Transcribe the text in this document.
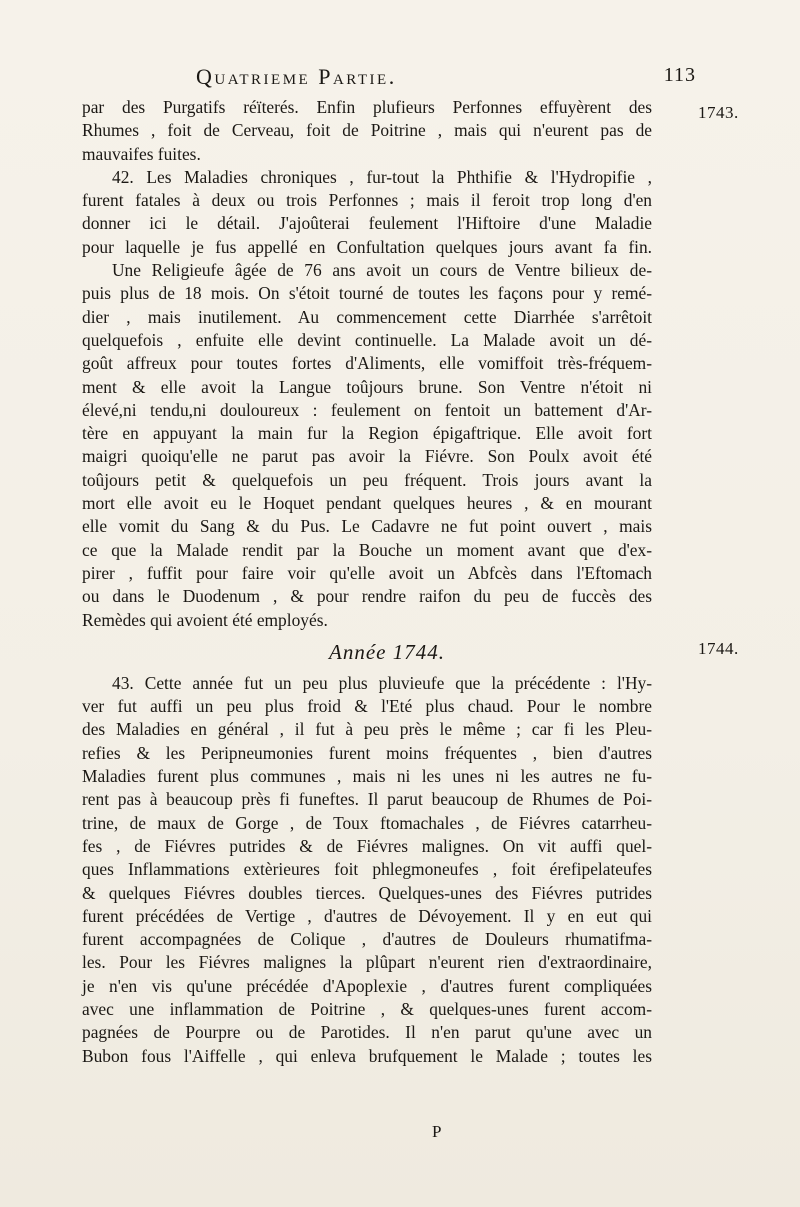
Quatrieme Partie.	113
1743.
1744.
par des Purgatifs réïterés. Enfin plufieurs Perfonnes effuyèrent des
Rhumes , foit de Cerveau, foit de Poitrine , mais qui n'eurent pas de
mauvaifes fuites.
42. Les Maladies chroniques , fur-tout la Phthifie & l'Hydropifie ,
furent fatales à deux ou trois Perfonnes ; mais il feroit trop long d'en
donner ici le détail. J'ajoûterai feulement l'Hiftoire d'une Maladie
pour laquelle je fus appellé en Confultation quelques jours avant fa fin.
Une Religieufe âgée de 76 ans avoit un cours de Ventre bilieux de-
puis plus de 18 mois. On s'étoit tourné de toutes les façons pour y remé-
dier , mais inutilement. Au commencement cette Diarrhée s'arrêtoit
quelquefois , enfuite elle devint continuelle. La Malade avoit un dé-
goût affreux pour toutes fortes d'Aliments, elle vomiffoit très-fréquem-
ment & elle avoit la Langue toûjours brune. Son Ventre n'étoit ni
élevé,ni tendu,ni douloureux : feulement on fentoit un battement d'Ar-
tère en appuyant la main fur la Region épigaftrique. Elle avoit fort
maigri quoiqu'elle ne parut pas avoir la Fiévre. Son Poulx avoit été
toûjours petit & quelquefois un peu fréquent. Trois jours avant la
mort elle avoit eu le Hoquet pendant quelques heures , & en mourant
elle vomit du Sang & du Pus. Le Cadavre ne fut point ouvert , mais
ce que la Malade rendit par la Bouche un moment avant que d'ex-
pirer , fuffit pour faire voir qu'elle avoit un Abfcès dans l'Eftomach
ou dans le Duodenum , & pour rendre raifon du peu de fuccès des
Remèdes qui avoient été employés.
Année 1744.
43. Cette année fut un peu plus pluvieufe que la précédente : l'Hy-
ver fut auffi un peu plus froid & l'Eté plus chaud. Pour le nombre
des Maladies en général , il fut à peu près le même ; car fi les Pleu-
refies & les Peripneumonies furent moins fréquentes , bien d'autres
Maladies furent plus communes , mais ni les unes ni les autres ne fu-
rent pas à beaucoup près fi funeftes. Il parut beaucoup de Rhumes de Poi-
trine, de maux de Gorge , de Toux ftomachales , de Fiévres catarrheu-
fes , de Fiévres putrides & de Fiévres malignes. On vit auffi quel-
ques Inflammations extèrieures foit phlegmoneufes , foit érefipelateufes
& quelques Fiévres doubles tierces. Quelques-unes des Fiévres putrides
furent précédées de Vertige , d'autres de Dévoyement. Il y en eut qui
furent accompagnées de Colique , d'autres de Douleurs rhumatifma-
les. Pour les Fiévres malignes la plûpart n'eurent rien d'extraordinaire,
je n'en vis qu'une précédée d'Apoplexie , d'autres furent compliquées
avec une inflammation de Poitrine , & quelques-unes furent accom-
pagnées de Pourpre ou de Parotides. Il n'en parut qu'une avec un
Bubon fous l'Aiffelle , qui enleva brufquement le Malade ; toutes les
P
